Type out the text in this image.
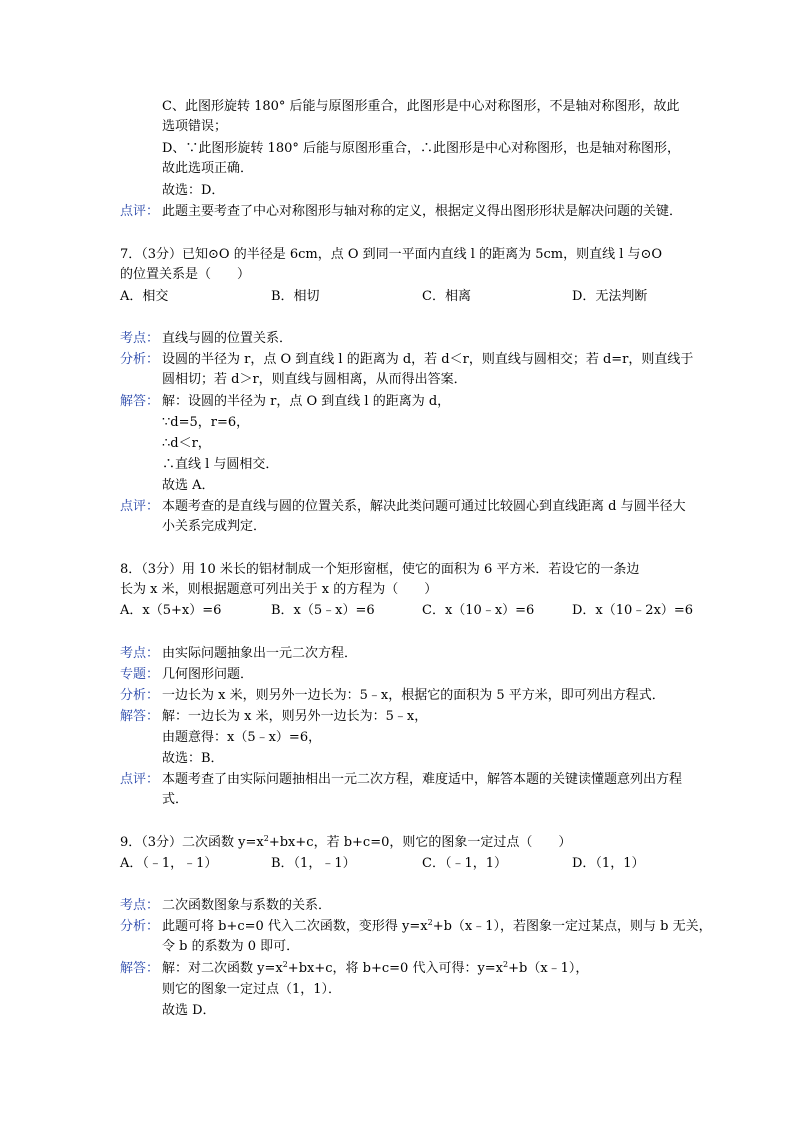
C、此图形旋转 180° 后能与原图形重合，此图形是中心对称图形，不是轴对称图形，故此
选项错误；
D、∵此图形旋转 180° 后能与原图形重合，∴此图形是中心对称图形，也是轴对称图形，
故此选项正确．
故选：D．
点评： 此题主要考查了中心对称图形与轴对称的定义，根据定义得出图形形状是解决问题的关键．
7．（3分）已知⊙O 的半径是 6cm，点 O 到同一平面内直线 l 的距离为 5cm，则直线 l 与⊙O
的位置关系是（　　）
A．相交	B．相切	C．相离	D．无法判断
考点： 直线与圆的位置关系．
分析： 设圆的半径为 r，点 O 到直线 l 的距离为 d，若 d＜r，则直线与圆相交；若 d=r，则直线于
圆相切；若 d＞r，则直线与圆相离，从而得出答案．
解答： 解：设圆的半径为 r，点 O 到直线 l 的距离为 d，
∵d=5，r=6，
∴d＜r，
∴直线 l 与圆相交．
故选 A．
点评： 本题考查的是直线与圆的位置关系，解决此类问题可通过比较圆心到直线距离 d 与圆半径大
小关系完成判定．
8．（3分）用 10 米长的铝材制成一个矩形窗框，使它的面积为 6 平方米．若设它的一条边
长为 x 米，则根据题意可列出关于 x 的方程为（　　）
A．x（5+x）=6	B．x（5﹣x）=6	C．x（10﹣x）=6	D．x（10﹣2x）=6
考点： 由实际问题抽象出一元二次方程．
专题： 几何图形问题．
分析： 一边长为 x 米，则另外一边长为：5﹣x，根据它的面积为 5 平方米，即可列出方程式．
解答： 解：一边长为 x 米，则另外一边长为：5﹣x，
由题意得：x（5﹣x）=6，
故选：B．
点评： 本题考查了由实际问题抽相出一元二次方程，难度适中，解答本题的关键读懂题意列出方程
式．
9．（3分）二次函数 $y=x^2+bx+c$，若 b+c=0，则它的图象一定过点（　　）
A．（﹣1，﹣1）	B．（1，﹣1）	C．（﹣1，1）	D．（1，1）
考点： 二次函数图象与系数的关系．
分析： 此题可将 b+c=0 代入二次函数，变形得 $y=x^2+b(x﹣1)$，若图象一定过某点，则与 b 无关，
令 b 的系数为 0 即可．
解答： 解：对二次函数 $y=x^2+bx+c$，将 b+c=0 代入可得：$y=x^2+b(x﹣1)$，
则它的图象一定过点（1，1）．
故选 D．
